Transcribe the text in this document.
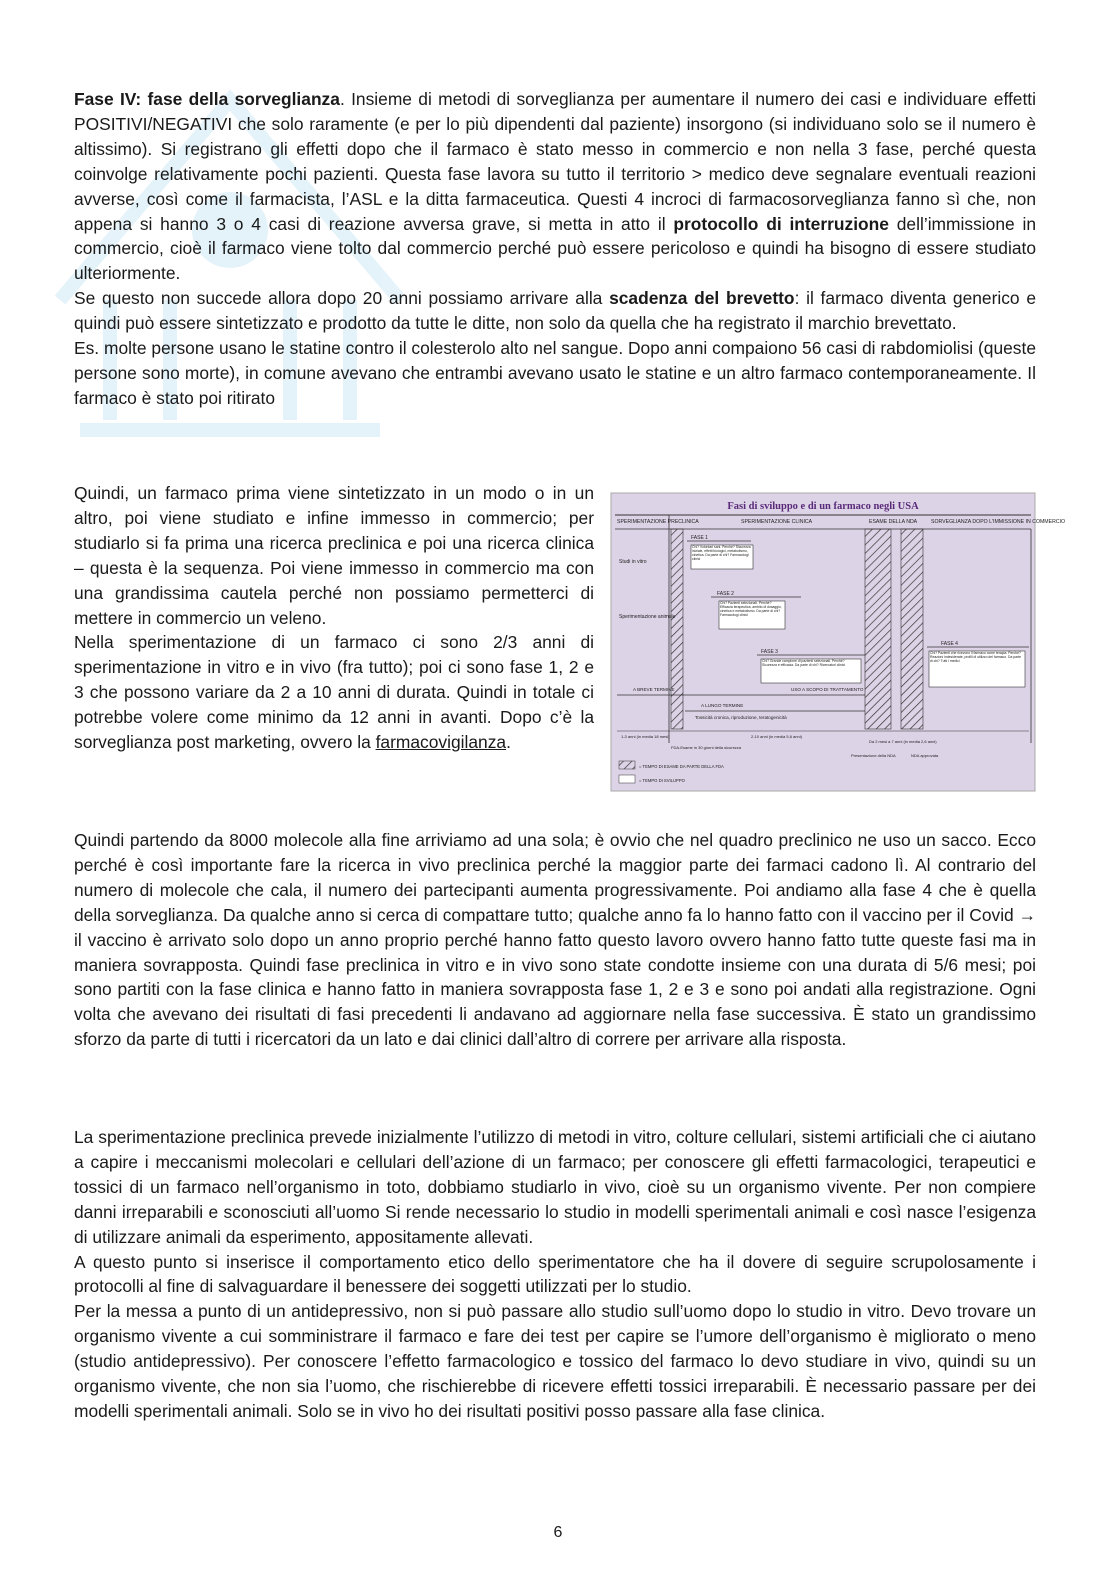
Fase IV: fase della sorveglianza. Insieme di metodi di sorveglianza per aumentare il numero dei casi e individuare effetti POSITIVI/NEGATIVI che solo raramente (e per lo più dipendenti dal paziente) insorgono (si individuano solo se il numero è altissimo). Si registrano gli effetti dopo che il farmaco è stato messo in commercio e non nella 3 fase, perché questa coinvolge relativamente pochi pazienti. Questa fase lavora su tutto il territorio > medico deve segnalare eventuali reazioni avverse, così come il farmacista, l’ASL e la ditta farmaceutica. Questi 4 incroci di farmacosorveglianza fanno sì che, non appena si hanno 3 o 4 casi di reazione avversa grave, si metta in atto il protocollo di interruzione dell’immissione in commercio, cioè il farmaco viene tolto dal commercio perché può essere pericoloso e quindi ha bisogno di essere studiato ulteriormente.

Se questo non succede allora dopo 20 anni possiamo arrivare alla scadenza del brevetto: il farmaco diventa generico e quindi può essere sintetizzato e prodotto da tutte le ditte, non solo da quella che ha registrato il marchio brevettato.

Es. molte persone usano le statine contro il colesterolo alto nel sangue. Dopo anni compaiono 56 casi di rabdomiolisi (queste persone sono morte), in comune avevano che entrambi avevano usato le statine e un altro farmaco contemporaneamente. Il farmaco è stato poi ritirato

Quindi, un farmaco prima viene sintetizzato in un modo o in un altro, poi viene studiato e infine immesso in commercio; per studiarlo si fa prima una ricerca preclinica e poi una ricerca clinica – questa è la sequenza. Poi viene immesso in commercio ma con una grandissima cautela perché non possiamo permetterci di mettere in commercio un veleno.

Nella sperimentazione di un farmaco ci sono 2/3 anni di sperimentazione in vitro e in vivo (fra tutto); poi ci sono fase 1, 2 e 3 che possono variare da 2 a 10 anni di durata. Quindi in totale ci potrebbe volere come minimo da 12 anni in avanti. Dopo c’è la sorveglianza post marketing, ovvero la farmacovigilanza.

Fasi di sviluppo e di un farmaco negli USA
SPERIMENTAZIONE PRECLINICA	SPERIMENTAZIONE CLINICA	ESAME DELLA NDA	SORVEGLIANZA DOPO L'IMMISSIONE IN COMMERCIO
Studi in vitro
Sperimentazione animale
FASE 1
Chi? Volontari sani. Perché? Sicurezza iniziale, effetti biologici, metabolismo, cinetica. Da parte di chi? Farmacologi clinici
FASE 2
Chi? Pazienti selezionati. Perché? Efficacia terapeutica, ambito di dosaggio, cinetica e metabolismo. Da parte di chi? Farmacologi clinici
FASE 3
Chi? Grande campione di pazienti selezionati. Perché? Sicurezza e efficacia. Da parte di chi? Ricercatori clinici
FASE 4
Chi? Pazienti che ricevono il farmaco come terapia. Perché? Reazioni indesiderate, profili di utilizzo del farmaco. Da parte di chi? Tutti i medici
A BREVE TERMINE	USO A SCOPO DI TRATTAMENTO
A LUNGO TERMINE
Tossicità cronica, riproduzione, teratogenicità
1-3 anni (in media 18 mesi)	2-10 anni (in media 5,6 anni)
Da 2 mesi a 7 anni (in media 2,6 anni)
FDA-Esame in 30 giorni della sicurezza
Presentazione della NDA	NDA approvata
= TEMPO DI ESAME DA PARTE DELLA FDA
= TEMPO DI SVILUPPO

Quindi partendo da 8000 molecole alla fine arriviamo ad una sola; è ovvio che nel quadro preclinico ne uso un sacco. Ecco perché è così importante fare la ricerca in vivo preclinica perché la maggior parte dei farmaci cadono lì. Al contrario del numero di molecole che cala, il numero dei partecipanti aumenta progressivamente. Poi andiamo alla fase 4 che è quella della sorveglianza. Da qualche anno si cerca di compattare tutto; qualche anno fa lo hanno fatto con il vaccino per il Covid → il vaccino è arrivato solo dopo un anno proprio perché hanno fatto questo lavoro ovvero hanno fatto tutte queste fasi ma in maniera sovrapposta. Quindi fase preclinica in vitro e in vivo sono state condotte insieme con una durata di 5/6 mesi; poi sono partiti con la fase clinica e hanno fatto in maniera sovrapposta fase 1, 2 e 3 e sono poi andati alla registrazione. Ogni volta che avevano dei risultati di fasi precedenti li andavano ad aggiornare nella fase successiva. È stato un grandissimo sforzo da parte di tutti i ricercatori da un lato e dai clinici dall’altro di correre per arrivare alla risposta.

La sperimentazione preclinica prevede inizialmente l’utilizzo di metodi in vitro, colture cellulari, sistemi artificiali che ci aiutano a capire i meccanismi molecolari e cellulari dell’azione di un farmaco; per conoscere gli effetti farmacologici, terapeutici e tossici di un farmaco nell’organismo in toto, dobbiamo studiarlo in vivo, cioè su un organismo vivente. Per non compiere danni irreparabili e sconosciuti all’uomo Si rende necessario lo studio in modelli sperimentali animali e così nasce l’esigenza di utilizzare animali da esperimento, appositamente allevati.

A questo punto si inserisce il comportamento etico dello sperimentatore che ha il dovere di seguire scrupolosamente i protocolli al fine di salvaguardare il benessere dei soggetti utilizzati per lo studio.

Per la messa a punto di un antidepressivo, non si può passare allo studio sull’uomo dopo lo studio in vitro. Devo trovare un organismo vivente a cui somministrare il farmaco e fare dei test per capire se l’umore dell’organismo è migliorato o meno (studio antidepressivo). Per conoscere l’effetto farmacologico e tossico del farmaco lo devo studiare in vivo, quindi su un organismo vivente, che non sia l’uomo, che rischierebbe di ricevere effetti tossici irreparabili. È necessario passare per dei modelli sperimentali animali. Solo se in vivo ho dei risultati positivi posso passare alla fase clinica.

6
